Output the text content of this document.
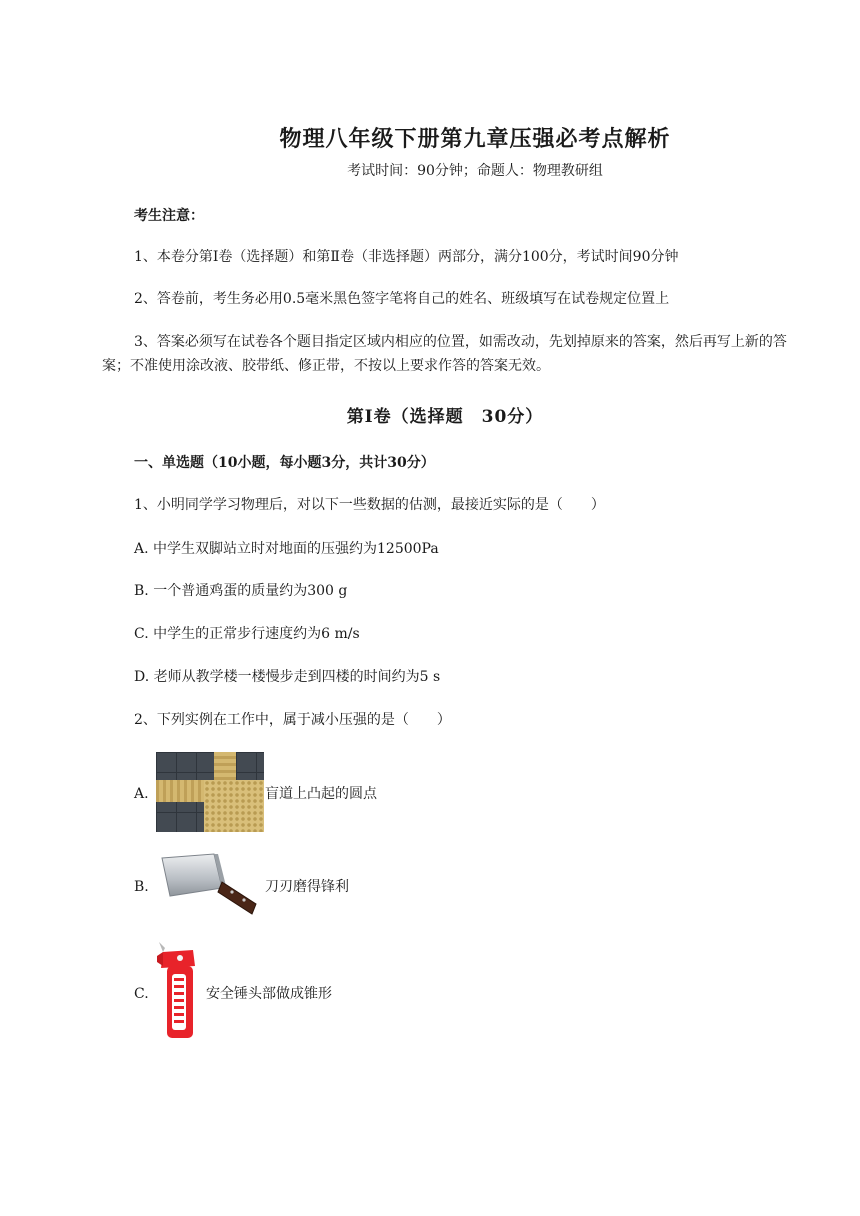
物理八年级下册第九章压强必考点解析
考试时间：90分钟；命题人：物理教研组
考生注意：
1、本卷分第Ⅰ卷（选择题）和第Ⅱ卷（非选择题）两部分，满分100分，考试时间90分钟
2、答卷前，考生务必用0.5毫米黑色签字笔将自己的姓名、班级填写在试卷规定位置上
3、答案必须写在试卷各个题目指定区域内相应的位置，如需改动，先划掉原来的答案，然后再写上新的答案；不准使用涂改液、胶带纸、修正带，不按以上要求作答的答案无效。
第Ⅰ卷（选择题　30分）
一、单选题（10小题，每小题3分，共计30分）
1、小明同学学习物理后，对以下一些数据的估测，最接近实际的是（　　）
A. 中学生双脚站立时对地面的压强约为12500Pa
B. 一个普通鸡蛋的质量约为300 g
C. 中学生的正常步行速度约为6 m/s
D. 老师从教学楼一楼慢步走到四楼的时间约为5 s
2、下列实例在工作中，属于减小压强的是（　　）
A.	盲道上凸起的圆点
B.	刀刃磨得锋利
C.	安全锤头部做成锥形
